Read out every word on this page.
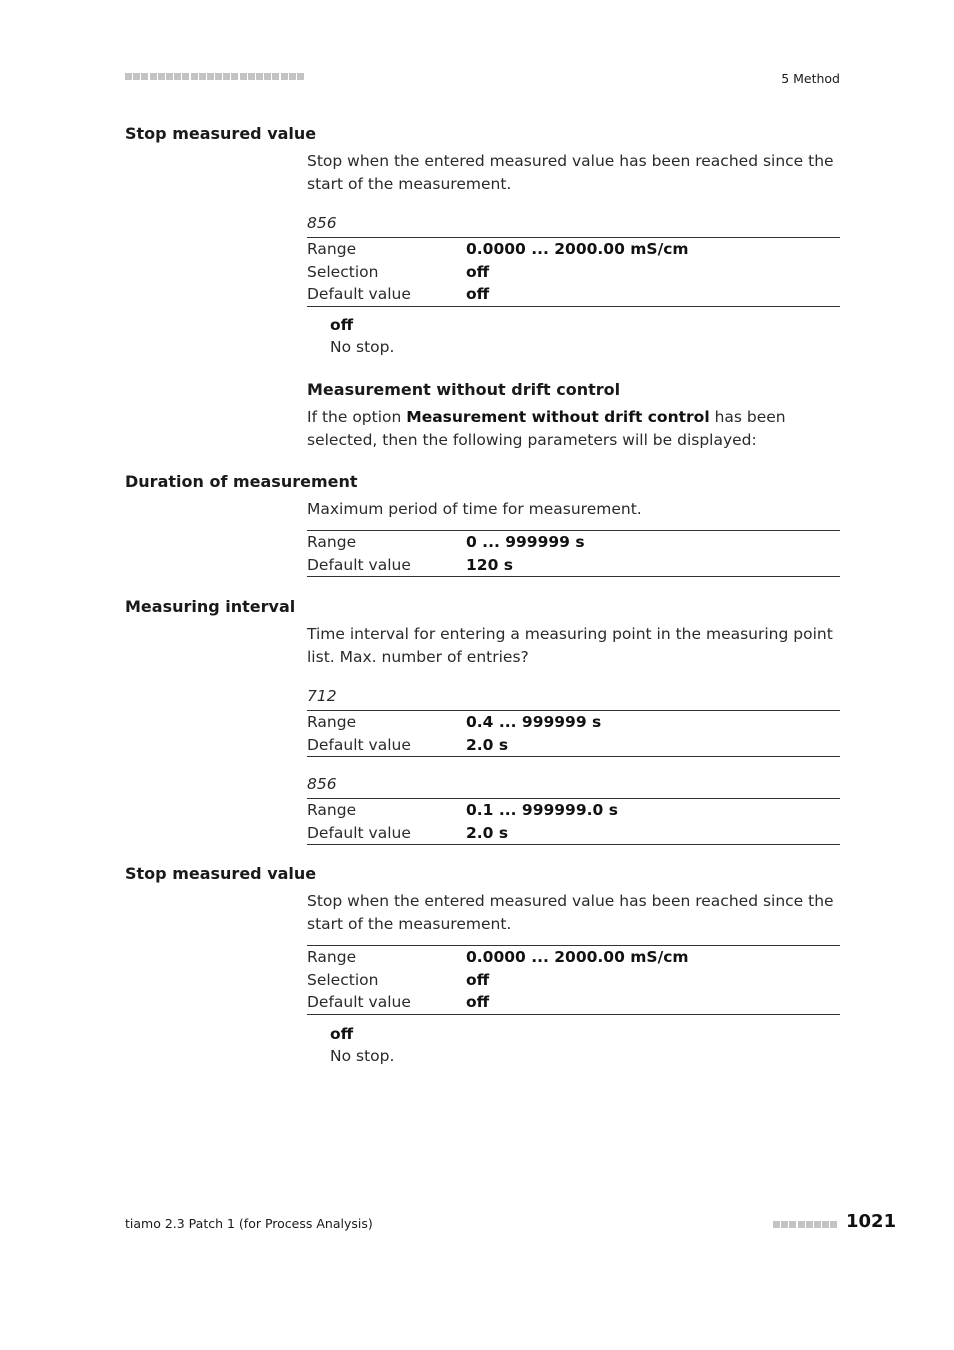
5 Method
Stop measured value
Stop when the entered measured value has been reached since the start of the measurement.
856
Range	0.0000 ... 2000.00 mS/cm
Selection	off
Default value	off
off
No stop.
Measurement without drift control
If the option Measurement without drift control has been selected, then the following parameters will be displayed:
Duration of measurement
Maximum period of time for measurement.
Range	0 ... 999999 s
Default value	120 s
Measuring interval
Time interval for entering a measuring point in the measuring point list. Max. number of entries?
712
Range	0.4 ... 999999 s
Default value	2.0 s
856
Range	0.1 ... 999999.0 s
Default value	2.0 s
Stop measured value
Stop when the entered measured value has been reached since the start of the measurement.
Range	0.0000 ... 2000.00 mS/cm
Selection	off
Default value	off
off
No stop.
tiamo 2.3 Patch 1 (for Process Analysis)	1021
